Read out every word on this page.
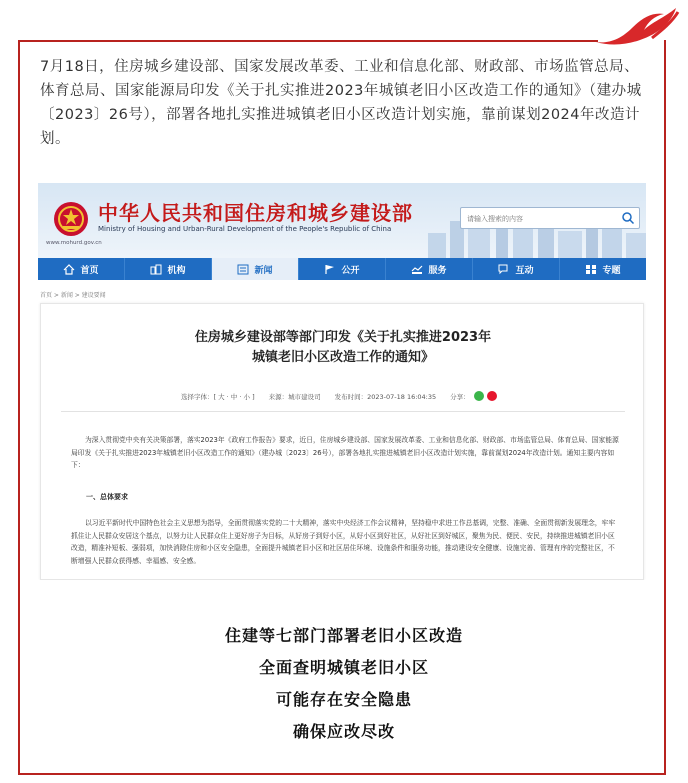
7月18日，住房城乡建设部、国家发展改革委、工业和信息化部、财政部、市场监管总局、体育总局、国家能源局印发《关于扎实推进2023年城镇老旧小区改造工作的通知》（建办城〔2023〕26号），部署各地扎实推进城镇老旧小区改造计划实施，靠前谋划2024年改造计划。

中华人民共和国住房和城乡建设部
Ministry of Housing and Urban-Rural Development of the People's Republic of China
www.mohurd.gov.cn
请输入搜索的内容
首页	机构	新闻	公开	服务	互动	专题
首页 > 新闻 > 建设要闻
住房城乡建设部等部门印发《关于扎实推进2023年
城镇老旧小区改造工作的通知》
选择字体：[ 大 · 中 · 小 ] 来源：城市建设司 发布时间：2023-07-18 16:04:35 分享：

为深入贯彻党中央有关决策部署，落实2023年《政府工作报告》要求，近日，住房城乡建设部、国家发展改革委、工业和信息化部、财政部、市场监管总局、体育总局、国家能源局印发《关于扎实推进2023年城镇老旧小区改造工作的通知》（建办城〔2023〕26号），部署各地扎实推进城镇老旧小区改造计划实施，靠前谋划2024年改造计划。通知主要内容如下：

一、总体要求

以习近平新时代中国特色社会主义思想为指导，全面贯彻落实党的二十大精神，落实中央经济工作会议精神，坚持稳中求进工作总基调，完整、准确、全面贯彻新发展理念，牢牢抓住让人民群众安居这个基点，以努力让人民群众住上更好房子为目标，从好房子到好小区，从好小区到好社区，从好社区到好城区，聚焦为民、便民、安民，持续推进城镇老旧小区改造，精准补短板、强弱项，加快消除住房和小区安全隐患，全面提升城镇老旧小区和社区居住环境、设施条件和服务功能，推动建设安全健康、设施完善、管理有序的完整社区，不断增强人民群众获得感、幸福感、安全感。

住建等七部门部署老旧小区改造
全面查明城镇老旧小区
可能存在安全隐患
确保应改尽改
